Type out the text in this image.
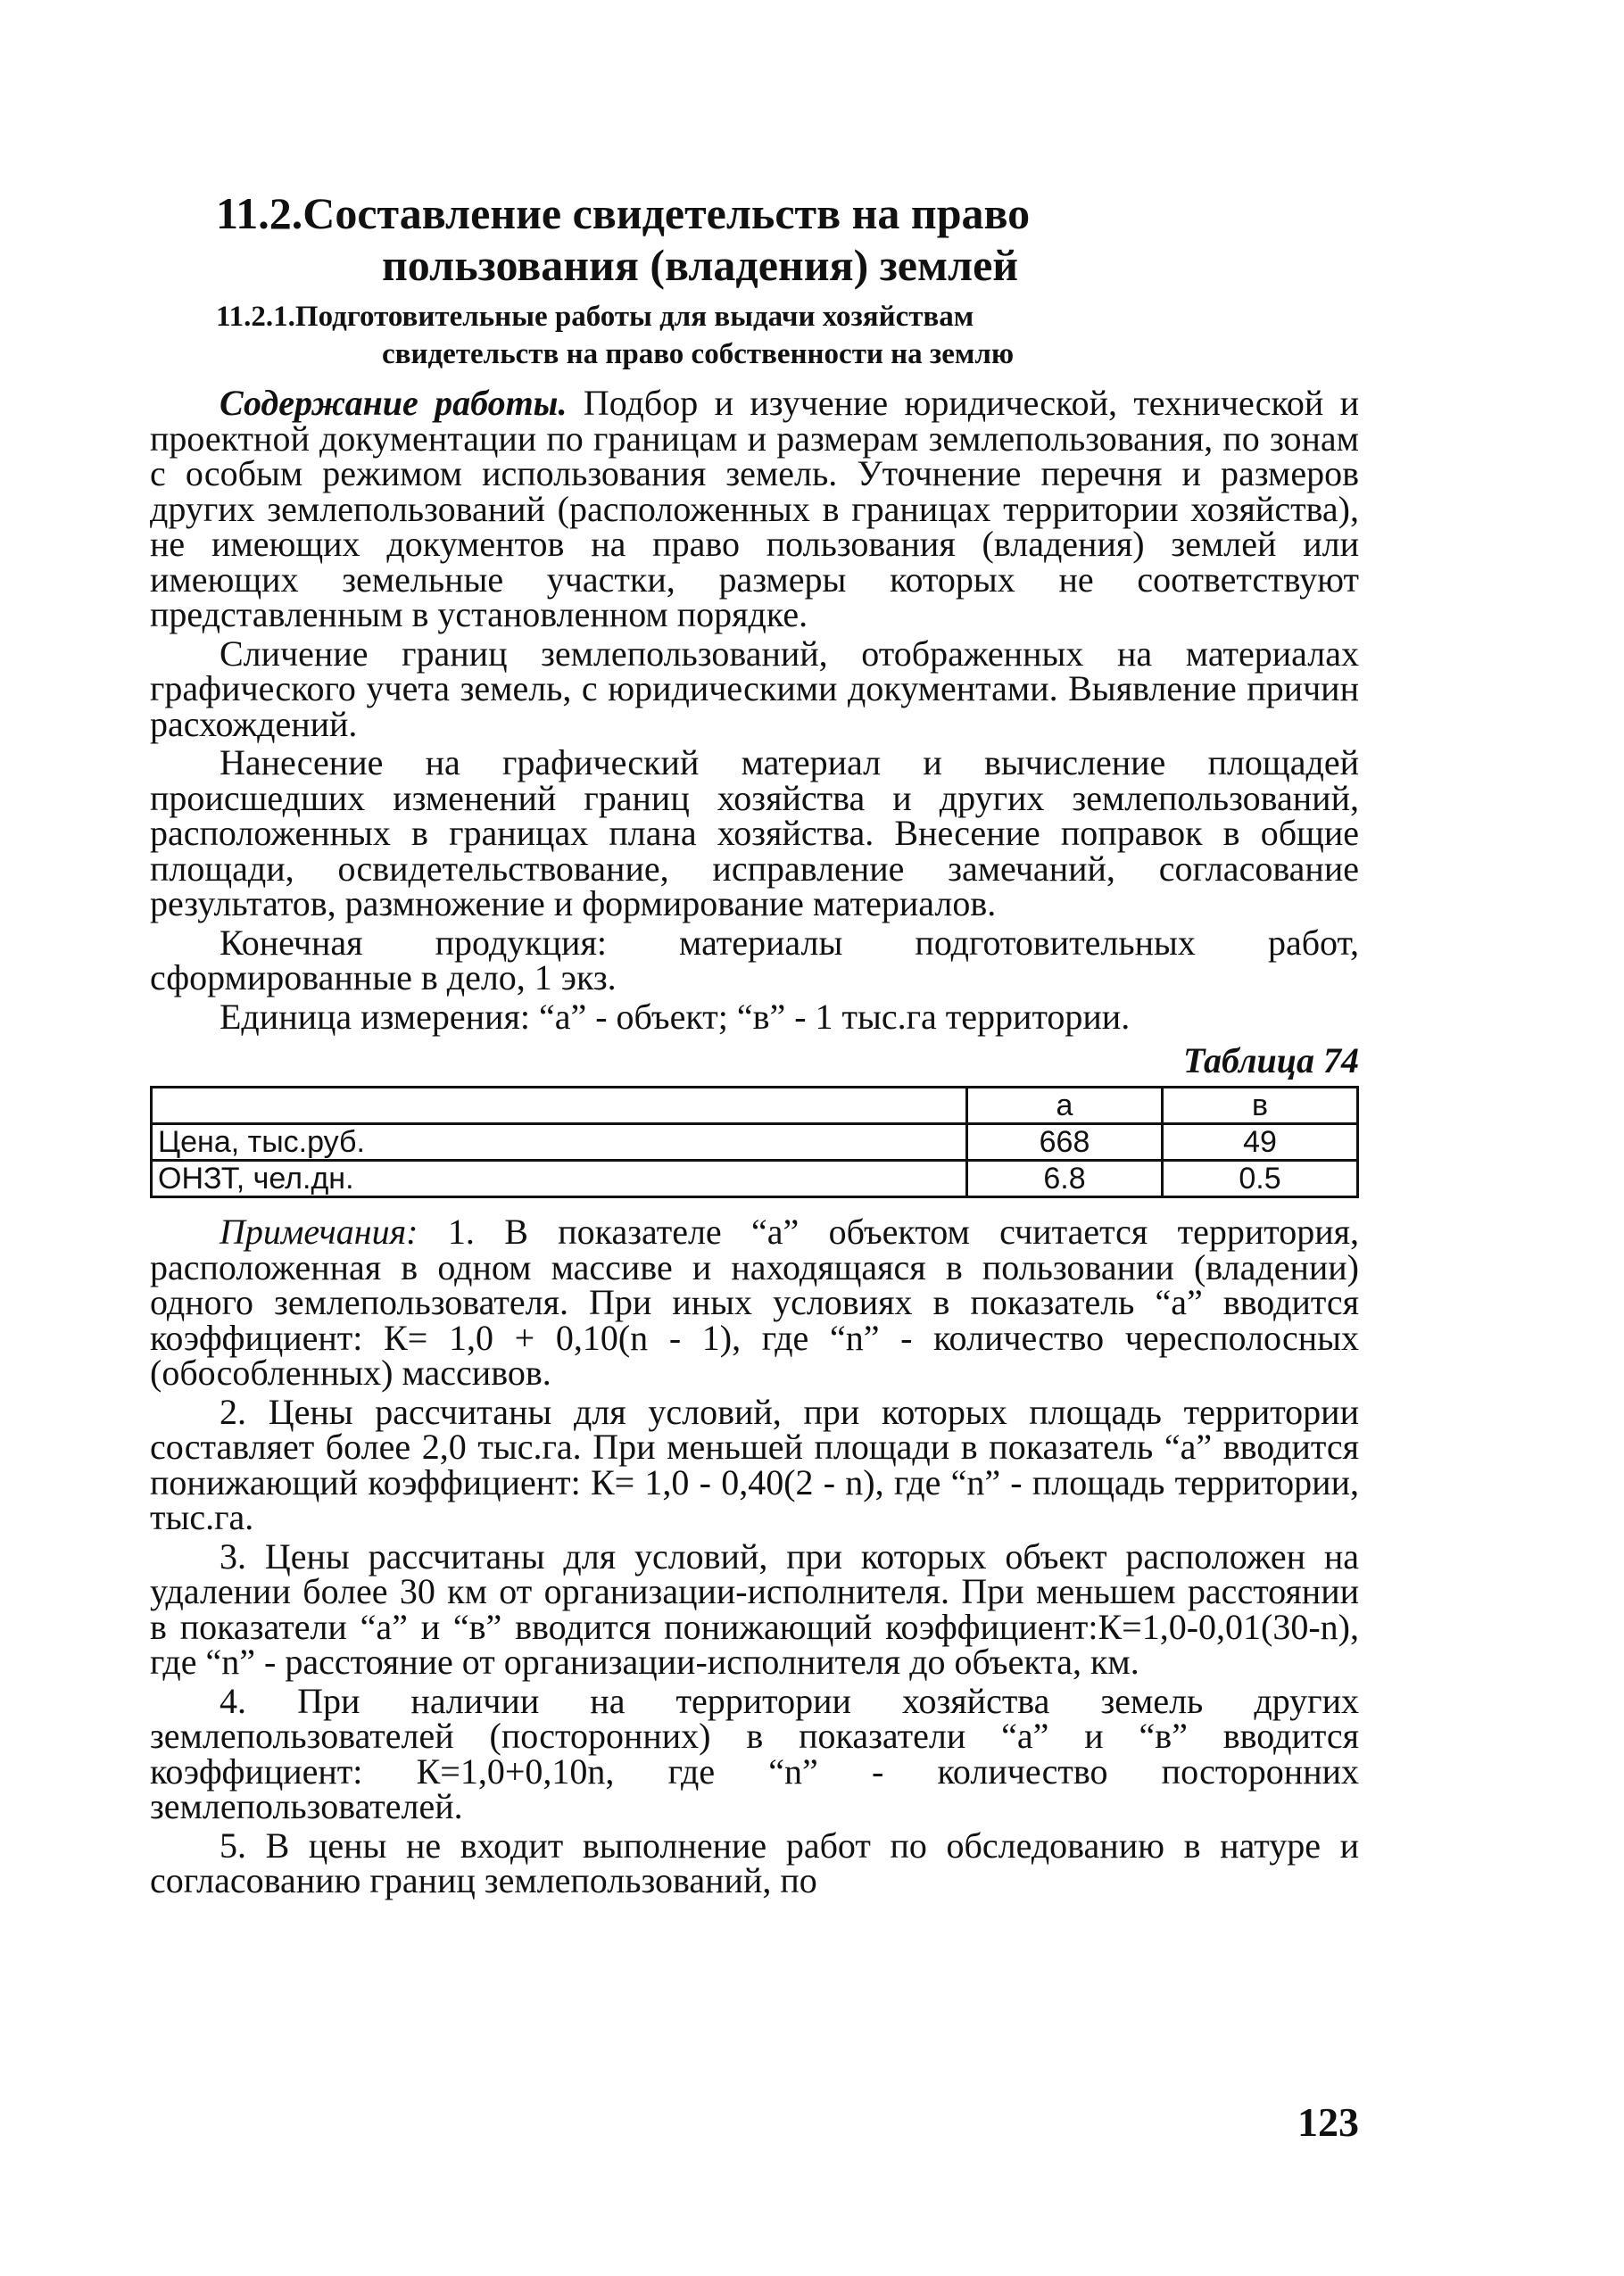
11.2.Составление свидетельств на право
пользования (владения) землей
11.2.1.Подготовительные работы для выдачи хозяйствам
свидетельств на право собственности на землю

Содержание работы. Подбор и изучение юридической, технической и проектной документации по границам и размерам землепользования, по зонам с особым режимом использования земель. Уточнение перечня и размеров других землепользований (расположенных в границах территории хозяйства), не имеющих документов на право пользования (владения) землей или имеющих земельные участки, размеры которых не соответствуют представленным в установленном порядке.

Сличение границ землепользований, отображенных на материалах графического учета земель, с юридическими документами. Выявление причин расхождений.

Нанесение на графический материал и вычисление площадей происшедших изменений границ хозяйства и других землепользований, расположенных в границах плана хозяйства. Внесение поправок в общие площади, освидетельствование, исправление замечаний, согласование результатов, размножение и формирование материалов.

Конечная продукция: материалы подготовительных работ, сформированные в дело, 1 экз.

Единица измерения: “а” - объект; “в” - 1 тыс.га территории.

Таблица 74
	а	в
Цена, тыс.руб.	668	49
ОНЗТ, чел.дн.	6.8	0.5

Примечания: 1. В показателе “а” объектом считается территория, расположенная в одном массиве и находящаяся в пользовании (владении) одного землепользователя. При иных условиях в показатель “а” вводится коэффициент: К= 1,0 + 0,10(n - 1), где “n” - количество чересполосных (обособленных) массивов.

2. Цены рассчитаны для условий, при которых площадь территории составляет более 2,0 тыс.га. При меньшей площади в показатель “а” вводится понижающий коэффициент: К= 1,0 - 0,40(2 - n), где “n” - площадь территории, тыс.га.

3. Цены рассчитаны для условий, при которых объект расположен на удалении более 30 км от организации-исполнителя. При меньшем расстоянии в показатели “а” и “в” вводится понижающий коэффициент:К=1,0-0,01(30-n), где “n” - расстояние от организации-исполнителя до объекта, км.

4. При наличии на территории хозяйства земель других землепользователей (посторонних) в показатели “а” и “в” вводится коэффициент: К=1,0+0,10n, где “n” - количество посторонних землепользователей.

5. В цены не входит выполнение работ по обследованию в натуре и согласованию границ землепользований, по

123
